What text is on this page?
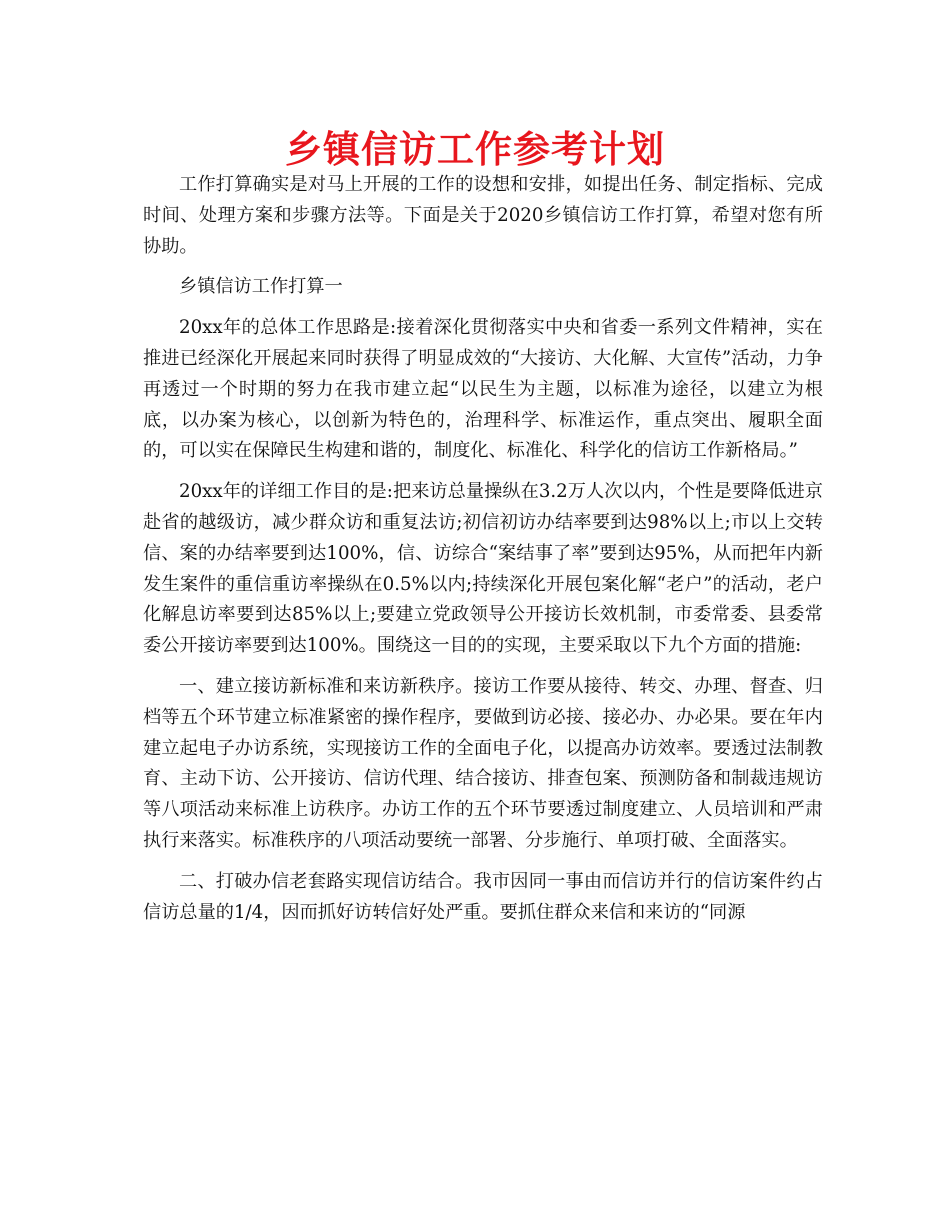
乡镇信访工作参考计划

工作打算确实是对马上开展的工作的设想和安排，如提出任务、制定指标、完成时间、处理方案和步骤方法等。下面是关于2020乡镇信访工作打算，希望对您有所协助。

乡镇信访工作打算一

20xx年的总体工作思路是:接着深化贯彻落实中央和省委一系列文件精神，实在推进已经深化开展起来同时获得了明显成效的“大接访、大化解、大宣传”活动，力争再透过一个时期的努力在我市建立起“以民生为主题，以标准为途径，以建立为根底，以办案为核心，以创新为特色的，治理科学、标准运作，重点突出、履职全面的，可以实在保障民生构建和谐的，制度化、标准化、科学化的信访工作新格局。”

20xx年的详细工作目的是:把来访总量操纵在3.2万人次以内，个性是要降低进京赴省的越级访，减少群众访和重复法访;初信初访办结率要到达98%以上;市以上交转信、案的办结率要到达100%，信、访综合“案结事了率”要到达95%，从而把年内新发生案件的重信重访率操纵在0.5%以内;持续深化开展包案化解“老户”的活动，老户化解息访率要到达85%以上;要建立党政领导公开接访长效机制，市委常委、县委常委公开接访率要到达100%。围绕这一目的的实现，主要采取以下九个方面的措施:

一、建立接访新标准和来访新秩序。接访工作要从接待、转交、办理、督查、归档等五个环节建立标准紧密的操作程序，要做到访必接、接必办、办必果。要在年内建立起电子办访系统，实现接访工作的全面电子化，以提高办访效率。要透过法制教育、主动下访、公开接访、信访代理、结合接访、排查包案、预测防备和制裁违规访等八项活动来标准上访秩序。办访工作的五个环节要透过制度建立、人员培训和严肃执行来落实。标准秩序的八项活动要统一部署、分步施行、单项打破、全面落实。

二、打破办信老套路实现信访结合。我市因同一事由而信访并行的信访案件约占信访总量的1/4，因而抓好访转信好处严重。要抓住群众来信和来访的“同源
